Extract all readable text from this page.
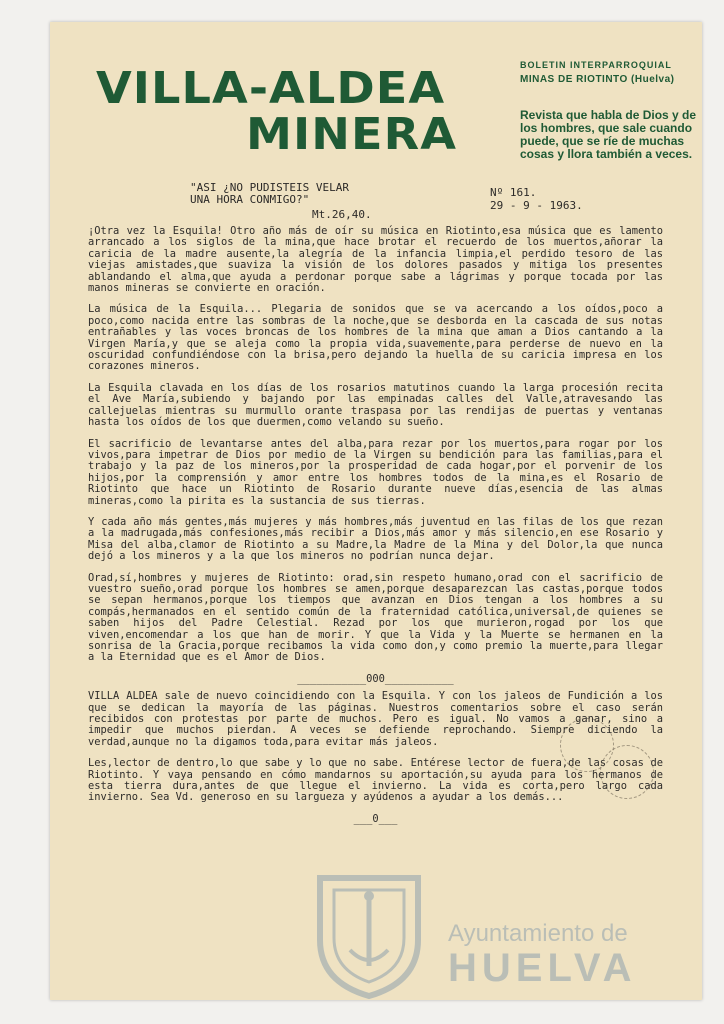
VILLA-ALDEA
MINERA
BOLETIN INTERPARROQUIAL
MINAS DE RIOTINTO (Huelva)
Revista que habla de Dios y de los hombres, que sale cuando puede, que se ríe de muchas cosas y llora también a veces.
"ASI ¿NO PUDISTEIS VELAR
UNA HORA CONMIGO?"
Mt.26,40.
Nº 161.
29 - 9 - 1963.

¡Otra vez la Esquila! Otro año más de oír su música en Riotinto,esa música que es lamento arrancado a los siglos de la mina,que hace brotar el recuerdo de los muertos,añorar la caricia de la madre ausente,la alegría de la infancia limpia,el perdido tesoro de las viejas amistades,que suaviza la visión de los dolores pasados y mitiga los presentes ablandando el alma,que ayuda a perdonar porque sabe a lágrimas y porque tocada por las manos mineras se convierte en oración.

La música de la Esquila... Plegaria de sonidos que se va acercando a los oídos,poco a poco,como nacida entre las sombras de la noche,que se desborda en la cascada de sus notas entrañables y las voces broncas de los hombres de la mina que aman a Dios cantando a la Virgen María,y que se aleja como la propia vida,suavemente,para perderse de nuevo en la oscuridad confundiéndose con la brisa,pero dejando la huella de su caricia impresa en los corazones mineros.

La Esquila clavada en los días de los rosarios matutinos cuando la larga procesión recita el Ave María,subiendo y bajando por las empinadas calles del Valle,atravesando las callejuelas mientras su murmullo orante traspasa por las rendijas de puertas y ventanas hasta los oídos de los que duermen,como velando su sueño.

El sacrificio de levantarse antes del alba,para rezar por los muertos,para rogar por los vivos,para impetrar de Dios por medio de la Virgen su bendición para las familias,para el trabajo y la paz de los mineros,por la prosperidad de cada hogar,por el porvenir de los hijos,por la comprensión y amor entre los hombres todos de la mina,es el Rosario de Riotinto que hace un Riotinto de Rosario durante nueve días,esencia de las almas mineras,como la pirita es la sustancia de sus tierras.

Y cada año más gentes,más mujeres y más hombres,más juventud en las filas de los que rezan a la madrugada,más confesiones,más recibir a Dios,más amor y más silencio,en ese Rosario y Misa del alba,clamor de Riotinto a su Madre,la Madre de la Mina y del Dolor,la que nunca dejó a los mineros y a la que los mineros no podrían nunca dejar.

Orad,sí,hombres y mujeres de Riotinto: orad,sin respeto humano,orad con el sacrificio de vuestro sueño,orad porque los hombres se amen,porque desaparezcan las castas,porque todos se sepan hermanos,porque los tiempos que avanzan en Dios tengan a los hombres a su compás,hermanados en el sentido común de la fraternidad católica,universal,de quienes se saben hijos del Padre Celestial. Rezad por los que murieron,rogad por los que viven,encomendar a los que han de morir. Y que la Vida y la Muerte se hermanen en la sonrisa de la Gracia,porque recibamos la vida como don,y como premio la muerte,para llegar a la Eternidad que es el Amor de Dios.

___________000___________

VILLA ALDEA sale de nuevo coincidiendo con la Esquila. Y con los jaleos de Fundición a los que se dedican la mayoría de las páginas. Nuestros comentarios sobre el caso serán recibidos con protestas por parte de muchos. Pero es igual. No vamos a ganar, sino a impedir que muchos pierdan. A veces se defiende reprochando. Siempre diciendo la verdad,aunque no la digamos toda,para evitar más jaleos.

Les,lector de dentro,lo que sabe y lo que no sabe. Entérese lector de fuera,de las cosas de Riotinto. Y vaya pensando en cómo mandarnos su aportación,su ayuda para los hermanos de esta tierra dura,antes de que llegue el invierno. La vida es corta,pero largo cada invierno. Sea Vd. generoso en su largueza y ayúdenos a ayudar a los demás...

___0___
Ayuntamiento de
HUELVA
